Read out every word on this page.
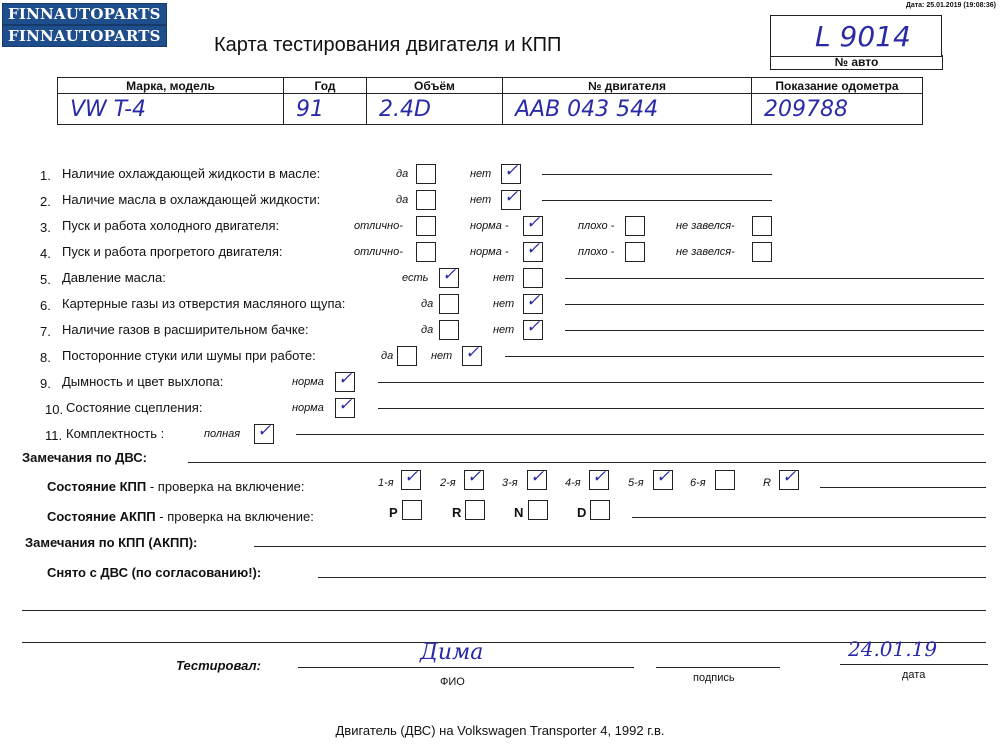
FINNAUTOPARTS
FINNAUTOPARTS
Дата: 25.01.2019 (19:08:36)
Карта тестирования двигателя и КПП	L 9014
№ авто
Марка, модель	Год	Объём	№ двигателя	Показание одометра
VW T-4	91	2.4D	AAB 043 544	209788
1. Наличие охлаждающей жидкости в масле:	да	нет ✓
2. Наличие масла в охлаждающей жидкости:	да	нет ✓
3. Пуск и работа холодного двигателя:	отлично-	норма - ✓	плохо -	не завелся-
4. Пуск и работа прогретого двигателя:	отлично-	норма - ✓	плохо -	не завелся-
5. Давление масла:	есть ✓	нет
6. Картерные газы из отверстия масляного щупа:	да	нет ✓
7. Наличие газов в расширительном бачке:	да	нет ✓
8. Посторонние стуки или шумы при работе:	да	нет ✓
9. Дымность и цвет выхлопа:	норма ✓
10. Состояние сцепления:	норма ✓
11. Комплектность :	полная ✓
Замечания по ДВС:
Состояние КПП - проверка на включение:	1-я ✓ 2-я ✓ 3-я ✓ 4-я ✓ 5-я ✓ 6-я	R ✓
Состояние АКПП - проверка на включение:	P	R	N	D
Замечания по КПП (АКПП):
Снято с ДВС (по согласованию!):
Тестировал:
Дима	24.01.19
ФИО	подпись	дата
Двигатель (ДВС) на Volkswagen Transporter 4, 1992 г.в.
